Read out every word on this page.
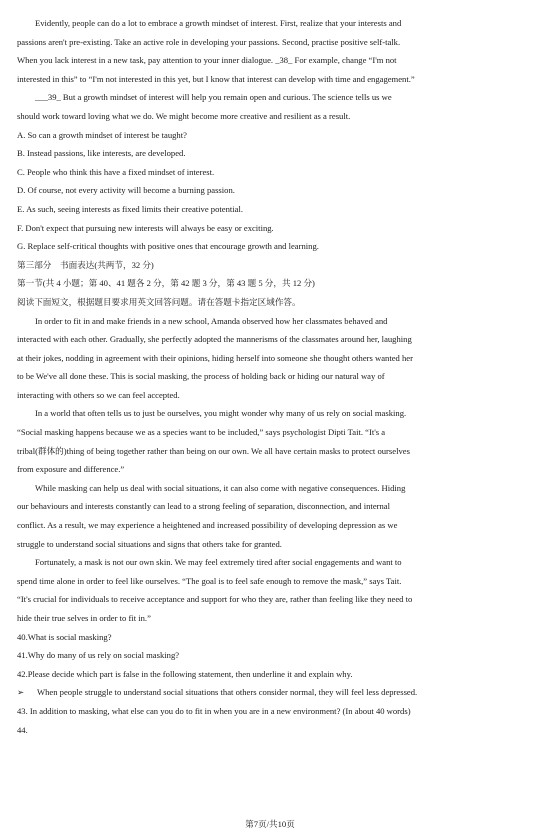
Evidently, people can do a lot to embrace a growth mindset of interest. First, realize that your interests and
passions aren't pre-existing. Take an active role in developing your passions. Second, practise positive self-talk.
When you lack interest in a new task, pay attention to your inner dialogue. _38_ For example, change “I'm not
interested in this” to “I'm not interested in this yet, but I know that interest can develop with time and engagement.”
___39_ But a growth mindset of interest will help you remain open and curious. The science tells us we
should work toward loving what we do. We might become more creative and resilient as a result.
A. So can a growth mindset of interest be taught?
B. Instead passions, like interests, are developed.
C. People who think this have a fixed mindset of interest.
D. Of course, not every activity will become a burning passion.
E. As such, seeing interests as fixed limits their creative potential.
F. Don't expect that pursuing new interests will always be easy or exciting.
G. Replace self-critical thoughts with positive ones that encourage growth and learning.
第三部分　书面表达(共两节，32 分)
第一节(共 4 小题；第 40、41 题各 2 分，第 42 题 3 分，第 43 题 5 分，共 12 分)
阅读下面短文，根据题目要求用英文回答问题。请在答题卡指定区域作答。
In order to fit in and make friends in a new school, Amanda observed how her classmates behaved and
interacted with each other. Gradually, she perfectly adopted the mannerisms of the classmates around her, laughing
at their jokes, nodding in agreement with their opinions, hiding herself into someone she thought others wanted her
to be We've all done these. This is social masking, the process of holding back or hiding our natural way of
interacting with others so we can feel accepted.
In a world that often tells us to just be ourselves, you might wonder why many of us rely on social masking.
“Social masking happens because we as a species want to be included,” says psychologist Dipti Tait. “It's a
tribal(群体的)thing of being together rather than being on our own. We all have certain masks to protect ourselves
from exposure and difference.”
While masking can help us deal with social situations, it can also come with negative consequences. Hiding
our behaviours and interests constantly can lead to a strong feeling of separation, disconnection, and internal
conflict. As a result, we may experience a heightened and increased possibility of developing depression as we
struggle to understand social situations and signs that others take for granted.
Fortunately, a mask is not our own skin. We may feel extremely tired after social engagements and want to
spend time alone in order to feel like ourselves. “The goal is to feel safe enough to remove the mask,” says Tait.
“It's crucial for individuals to receive acceptance and support for who they are, rather than feeling like they need to
hide their true selves in order to fit in.”
40.What is social masking?
41.Why do many of us rely on social masking?
42.Please decide which part is false in the following statement, then underline it and explain why.
➢ When people struggle to understand social situations that others consider normal, they will feel less depressed.
43. In addition to masking, what else can you do to fit in when you are in a new environment? (In about 40 words)
44.
第7页/共10页
